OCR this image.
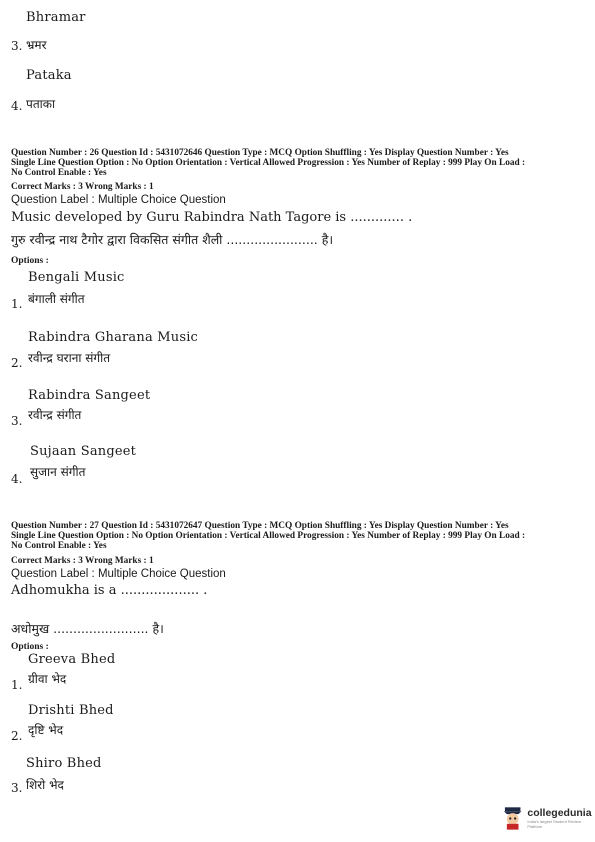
Bhramar
3. भ्रमर
Pataka
4. पताका
Question Number : 26 Question Id : 5431072646 Question Type : MCQ Option Shuffling : Yes Display Question Number : Yes
Single Line Question Option : No Option Orientation : Vertical Allowed Progression : Yes Number of Replay : 999 Play On Load :
No Control Enable : Yes
Correct Marks : 3 Wrong Marks : 1
Question Label : Multiple Choice Question
Music developed by Guru Rabindra Nath Tagore is ............. .
गुरु रवीन्द्र नाथ टैगोर द्वारा विकसित संगीत शैली ....................... है।
Options :
Bengali Music
1. बंगाली संगीत
Rabindra Gharana Music
2. रवीन्द्र घराना संगीत
Rabindra Sangeet
3. रवीन्द्र संगीत
Sujaan Sangeet
4. सुजान संगीत
Question Number : 27 Question Id : 5431072647 Question Type : MCQ Option Shuffling : Yes Display Question Number : Yes
Single Line Question Option : No Option Orientation : Vertical Allowed Progression : Yes Number of Replay : 999 Play On Load :
No Control Enable : Yes
Correct Marks : 3 Wrong Marks : 1
Question Label : Multiple Choice Question
Adhomukha is a ................... .
अधोमुख ........................ है।
Options :
Greeva Bhed
1. ग्रीवा भेद
Drishti Bhed
2. दृष्टि भेद
Shiro Bhed
3. शिरो भेद
collegedunia
India's largest Student Review Platform
